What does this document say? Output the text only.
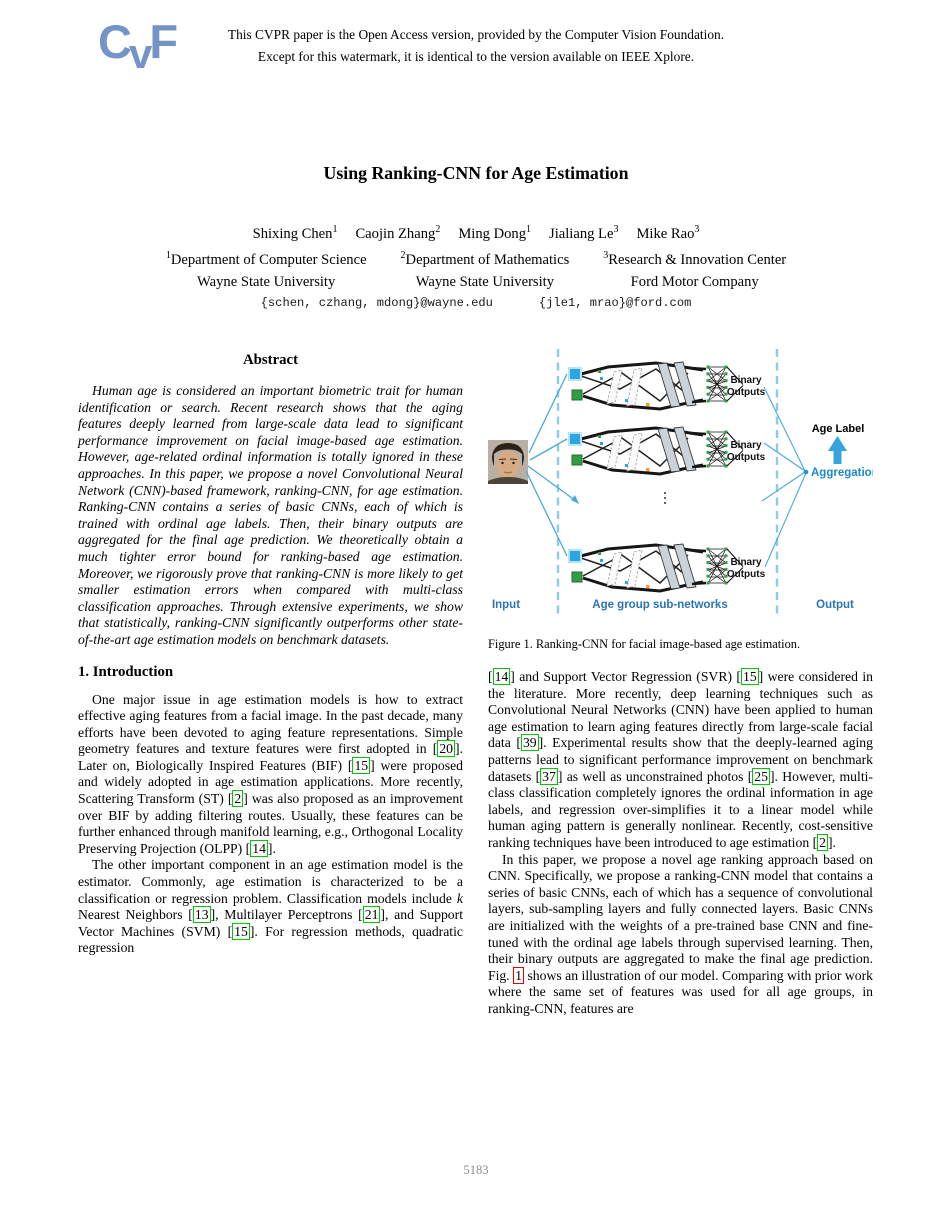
C
v
F	This CVPR paper is the Open Access version, provided by the Computer Vision Foundation.
Except for this watermark, it is identical to the version available on IEEE Xplore.
Using Ranking-CNN for Age Estimation
Shixing Chen$^1$ Caojin Zhang$^2$ Ming Dong$^1$ Jialiang Le$^3$ Mike Rao$^3$
$^1$Department of Computer Science
Wayne State University
$^2$Department of Mathematics
Wayne State University
$^3$Research & Innovation Center
Ford Motor Company
{schen, czhang, mdong}@wayne.edu	{jle1, mrao}@ford.com
Abstract

Human age is considered an important biometric trait for human identification or search. Recent research shows that the aging features deeply learned from large-scale data lead to significant performance improvement on facial image-based age estimation. However, age-related ordinal information is totally ignored in these approaches. In this paper, we propose a novel Convolutional Neural Network (CNN)-based framework, ranking-CNN, for age estimation. Ranking-CNN contains a series of basic CNNs, each of which is trained with ordinal age labels. Then, their binary outputs are aggregated for the final age prediction. We theoretically obtain a much tighter error bound for ranking-based age estimation. Moreover, we rigorously prove that ranking-CNN is more likely to get smaller estimation errors when compared with multi-class classification approaches. Through extensive experiments, we show that statistically, ranking-CNN significantly outperforms other state-of-the-art age estimation models on benchmark datasets.

1. Introduction

One major issue in age estimation models is how to extract effective aging features from a facial image. In the past decade, many efforts have been devoted to aging feature representations. Simple geometry features and texture features were first adopted in [ 20 ]. Later on, Biologically Inspired Features (BIF) [ 15 ] were proposed and widely adopted in age estimation applications. More recently, Scattering Transform (ST) [ 2 ] was also proposed as an improvement over BIF by adding filtering routes. Usually, these features can be further enhanced through manifold learning, e.g., Orthogonal Locality Preserving Projection (OLPP) [ 14 ].

The other important component in an age estimation model is the estimator. Commonly, age estimation is characterized to be a classification or regression problem. Classification models include k Nearest Neighbors [ 13 ], Multilayer Perceptrons [ 21 ], and Support Vector Machines (SVM) [ 15 ]. For regression methods, quadratic regression

Binary
Outputs
Binary
Outputs
Binary
Outputs
Age Label
Aggregation
Input	Age group sub-networks	Output
Figure 1. Ranking-CNN for facial image-based age estimation.

[ 14 ] and Support Vector Regression (SVR) [ 15 ] were considered in the literature. More recently, deep learning techniques such as Convolutional Neural Networks (CNN) have been applied to human age estimation to learn aging features directly from large-scale facial data [ 39 ]. Experimental results show that the deeply-learned aging patterns lead to significant performance improvement on benchmark datasets [ 37 ] as well as unconstrained photos [ 25 ]. However, multi-class classification completely ignores the ordinal information in age labels, and regression over-simplifies it to a linear model while human aging pattern is generally nonlinear. Recently, cost-sensitive ranking techniques have been introduced to age estimation [ 2 ].

In this paper, we propose a novel age ranking approach based on CNN. Specifically, we propose a ranking-CNN model that contains a series of basic CNNs, each of which has a sequence of convolutional layers, sub-sampling layers and fully connected layers. Basic CNNs are initialized with the weights of a pre-trained base CNN and fine-tuned with the ordinal age labels through supervised learning. Then, their binary outputs are aggregated to make the final age prediction. Fig. 1 shows an illustration of our model. Comparing with prior work where the same set of features was used for all age groups, in ranking-CNN, features are

5183
